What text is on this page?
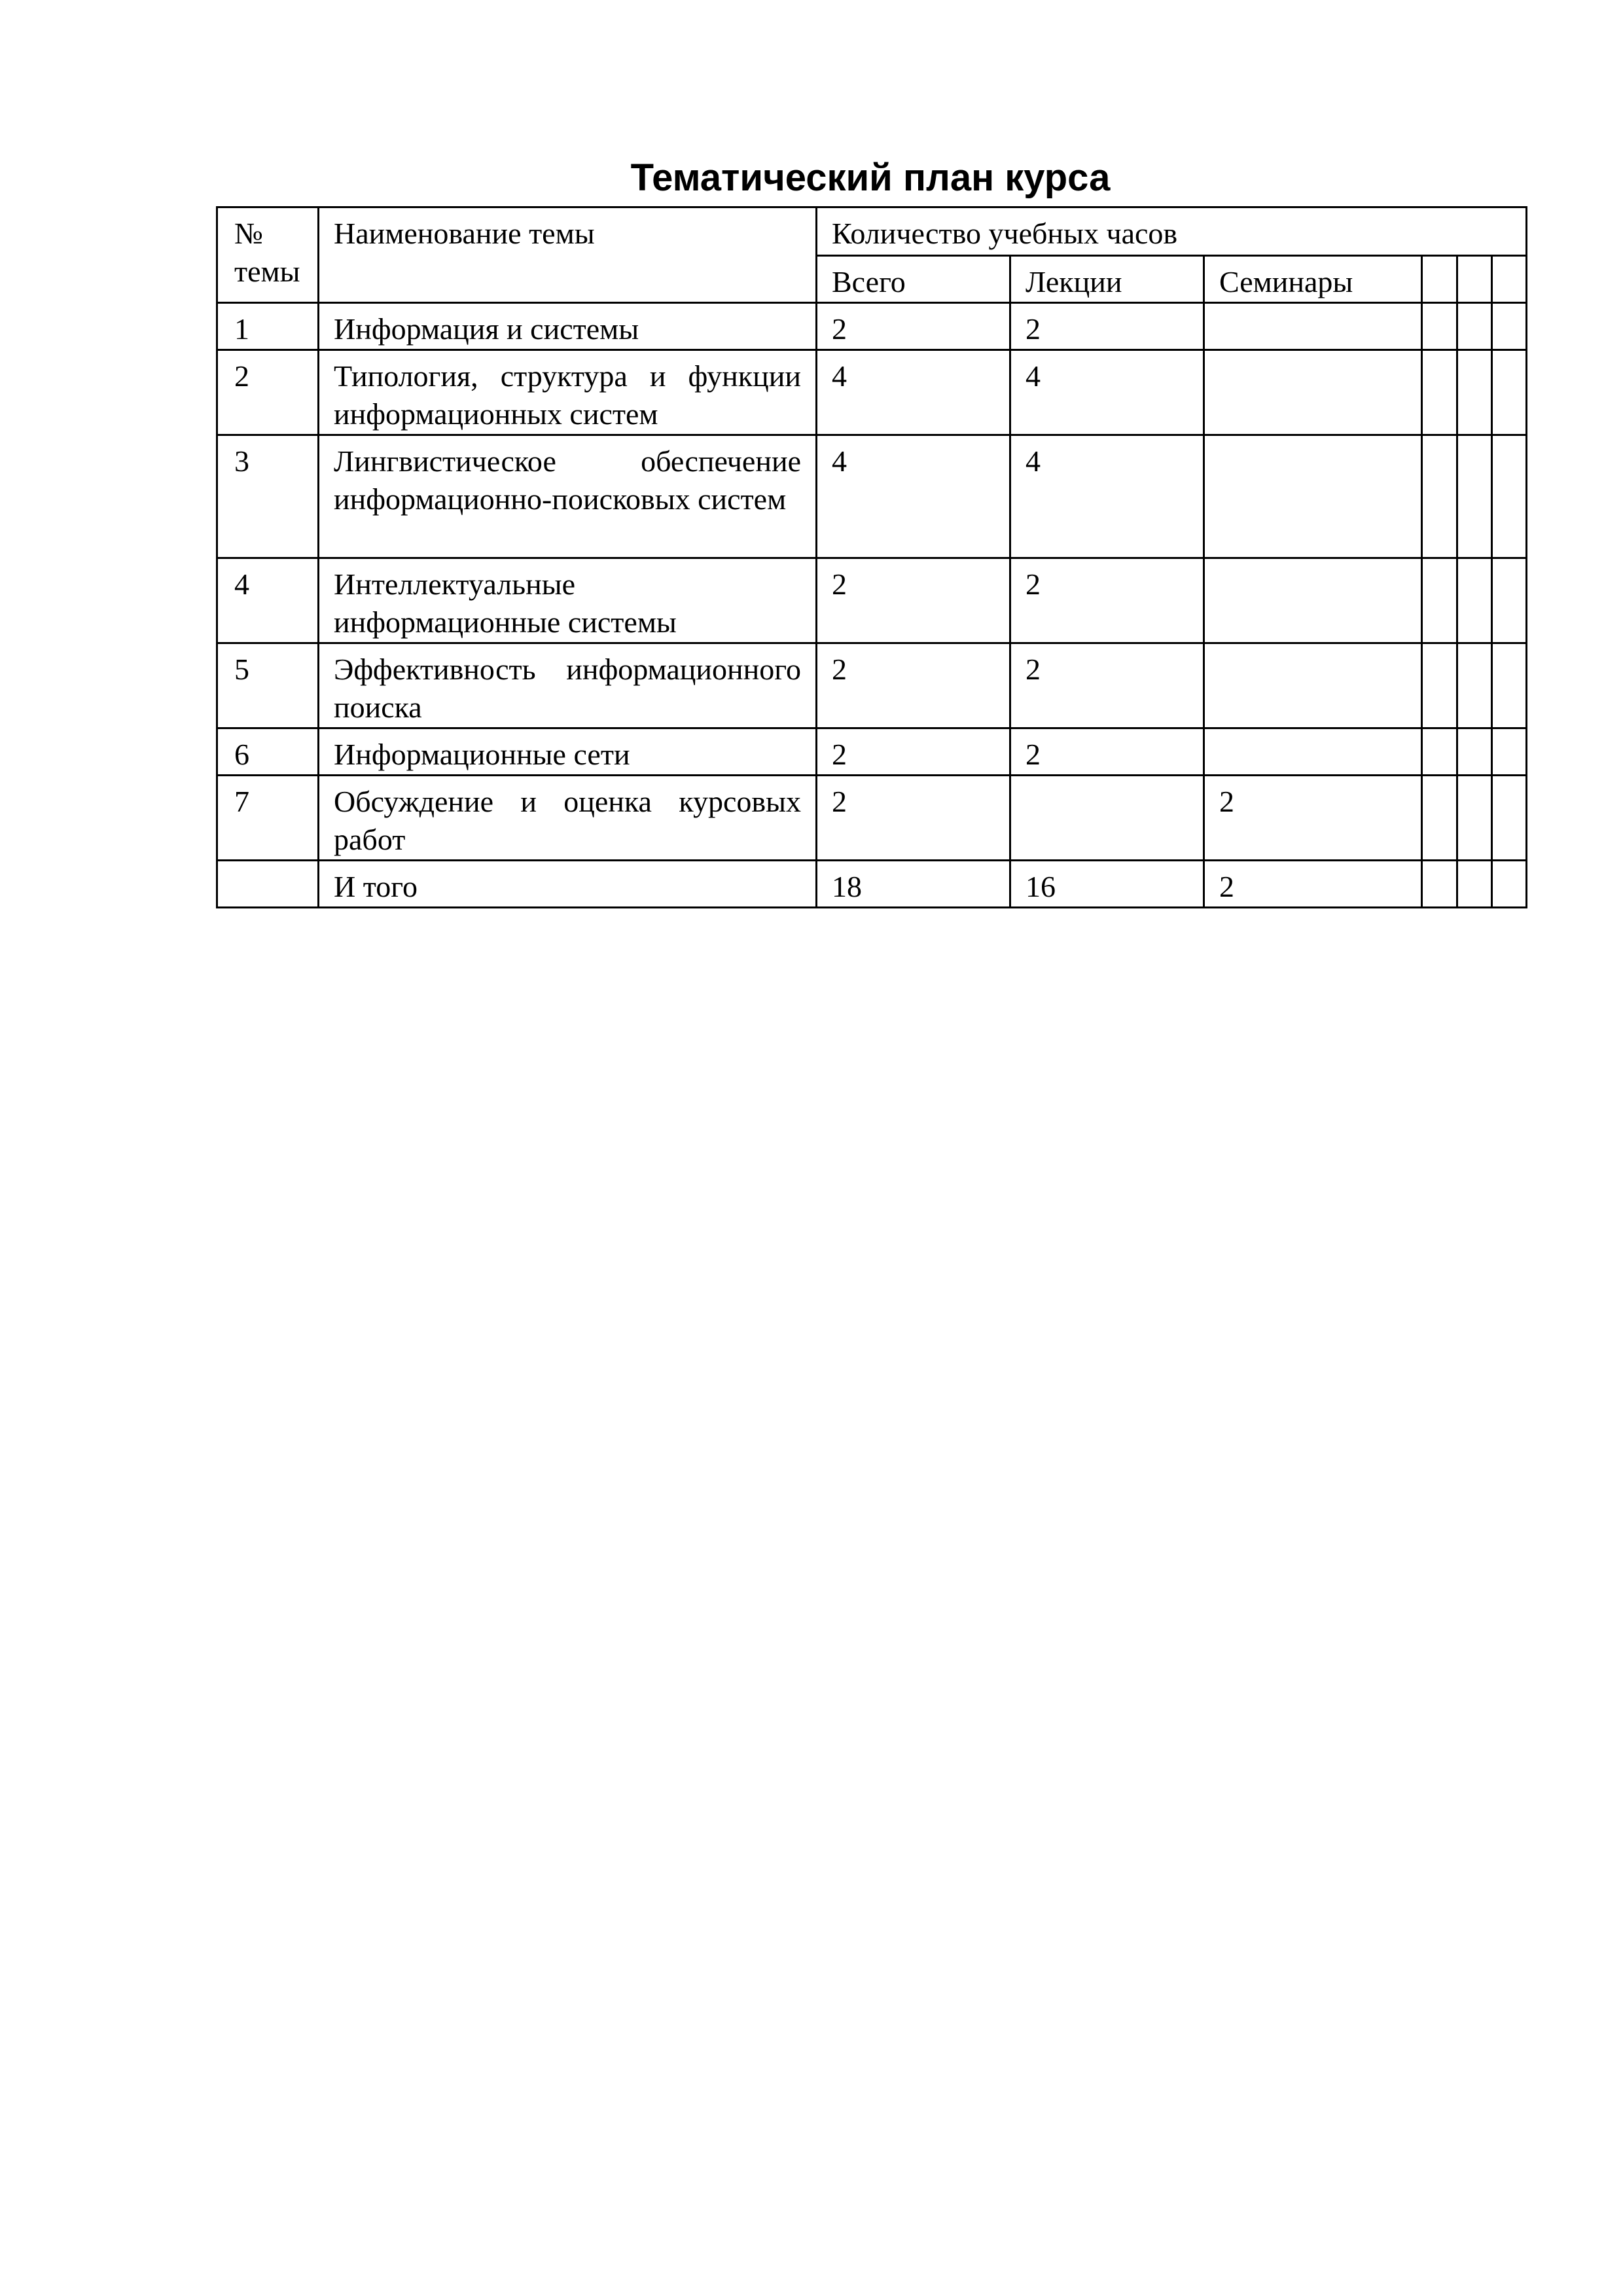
Тематический план курса
№ темы	Наименование темы	Количество учебных часов					
		Всего	Лекции	Семинары			
1	Информация и системы	2	2				
2	Типология, структура и функции информационных систем	4	4				
3	Лингвистическое обеспечение информационно-поисковых систем	4	4				
4	Интеллектуальные информационные системы	2	2				
5	Эффективность информационного поиска	2	2				
6	Информационные сети	2	2				
7	Обсуждение и оценка курсовых работ	2		2			
	И того	18	16	2			
